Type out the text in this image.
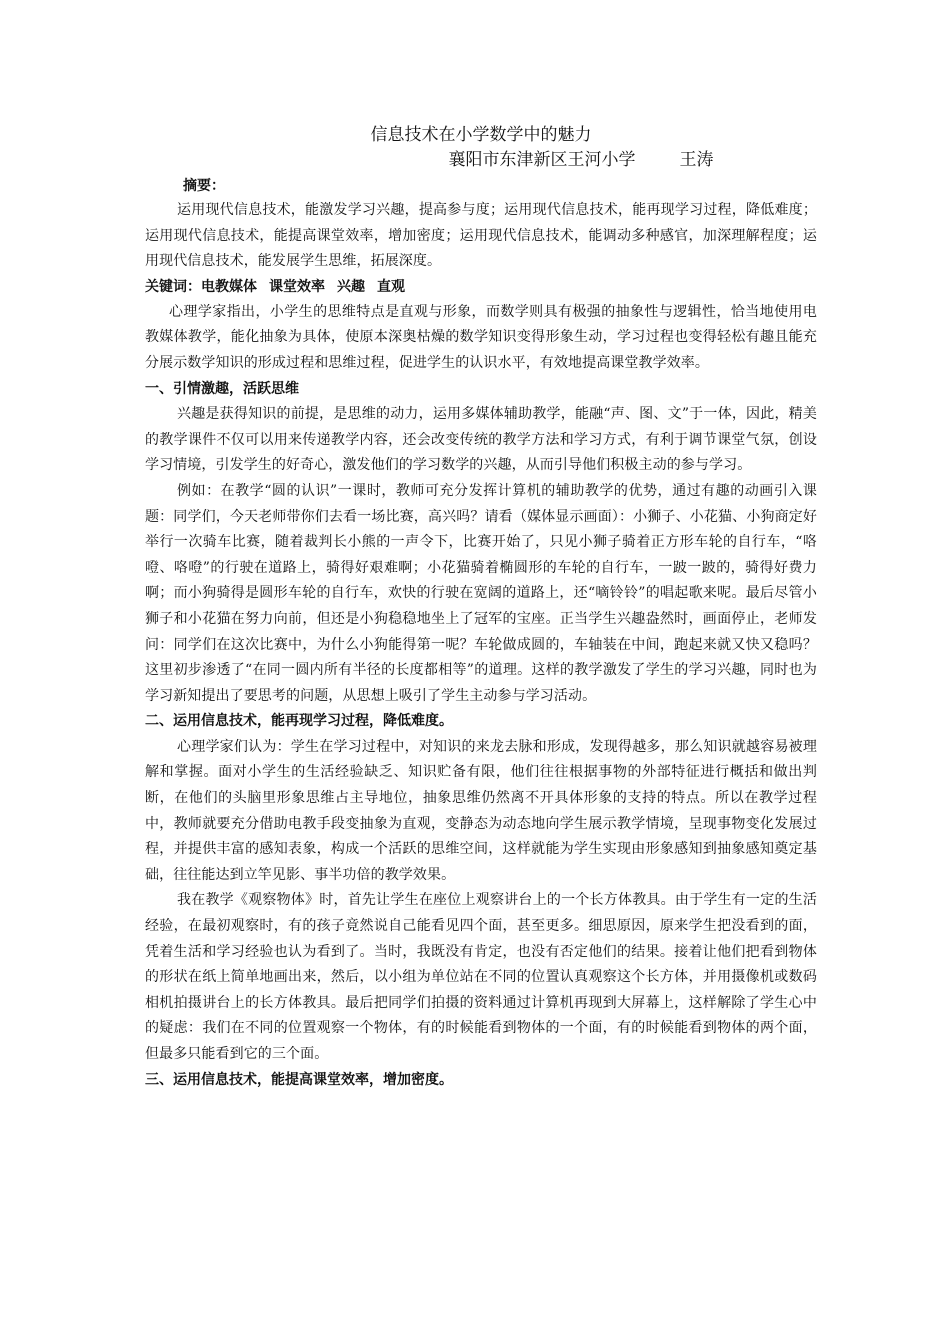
信息技术在小学数学中的魅力
襄阳市东津新区王河小学	王涛
摘要：

运用现代信息技术，能激发学习兴趣，提高参与度；运用现代信息技术，能再现学习过程，降低难度；运用现代信息技术，能提高课堂效率，增加密度；运用现代信息技术，能调动多种感官，加深理解程度；运用现代信息技术，能发展学生思维，拓展深度。

关键词：电教媒体 课堂效率 兴趣 直观

心理学家指出，小学生的思维特点是直观与形象，而数学则具有极强的抽象性与逻辑性，恰当地使用电教媒体教学，能化抽象为具体，使原本深奥枯燥的数学知识变得形象生动，学习过程也变得轻松有趣且能充分展示数学知识的形成过程和思维过程，促进学生的认识水平，有效地提高课堂教学效率。

一、引情激趣，活跃思维

兴趣是获得知识的前提，是思维的动力，运用多媒体辅助教学，能融“声、图、文”于一体，因此，精美的教学课件不仅可以用来传递教学内容，还会改变传统的教学方法和学习方式，有利于调节课堂气氛，创设学习情境，引发学生的好奇心，激发他们的学习数学的兴趣，从而引导他们积极主动的参与学习。

例如：在教学“圆的认识”一课时，教师可充分发挥计算机的辅助教学的优势，通过有趣的动画引入课题：同学们，今天老师带你们去看一场比赛，高兴吗？请看（媒体显示画面）：小狮子、小花猫、小狗商定好举行一次骑车比赛，随着裁判长小熊的一声令下，比赛开始了，只见小狮子骑着正方形车轮的自行车，“咯噔、咯噔”的行驶在道路上，骑得好艰难啊；小花猫骑着椭圆形的车轮的自行车，一跛一跛的，骑得好费力啊；而小狗骑得是圆形车轮的自行车，欢快的行驶在宽阔的道路上，还“嘀铃铃”的唱起歌来呢。最后尽管小狮子和小花猫在努力向前，但还是小狗稳稳地坐上了冠军的宝座。正当学生兴趣盎然时，画面停止，老师发问：同学们在这次比赛中，为什么小狗能得第一呢？车轮做成圆的，车轴装在中间，跑起来就又快又稳吗？这里初步渗透了“在同一圆内所有半径的长度都相等”的道理。这样的教学激发了学生的学习兴趣，同时也为学习新知提出了要思考的问题，从思想上吸引了学生主动参与学习活动。

二、运用信息技术，能再现学习过程，降低难度。

心理学家们认为：学生在学习过程中，对知识的来龙去脉和形成，发现得越多，那么知识就越容易被理解和掌握。面对小学生的生活经验缺乏、知识贮备有限，他们往往根据事物的外部特征进行概括和做出判断，在他们的头脑里形象思维占主导地位，抽象思维仍然离不开具体形象的支持的特点。所以在教学过程中，教师就要充分借助电教手段变抽象为直观，变静态为动态地向学生展示教学情境，呈现事物变化发展过程，并提供丰富的感知表象，构成一个活跃的思维空间，这样就能为学生实现由形象感知到抽象感知奠定基础，往往能达到立竿见影、事半功倍的教学效果。

我在教学《观察物体》时，首先让学生在座位上观察讲台上的一个长方体教具。由于学生有一定的生活经验，在最初观察时，有的孩子竟然说自己能看见四个面，甚至更多。细思原因，原来学生把没看到的面，凭着生活和学习经验也认为看到了。当时，我既没有肯定，也没有否定他们的结果。接着让他们把看到物体的形状在纸上简单地画出来，然后，以小组为单位站在不同的位置认真观察这个长方体，并用摄像机或数码相机拍摄讲台上的长方体教具。最后把同学们拍摄的资料通过计算机再现到大屏幕上，这样解除了学生心中的疑虑：我们在不同的位置观察一个物体，有的时候能看到物体的一个面，有的时候能看到物体的两个面，但最多只能看到它的三个面。

三、运用信息技术，能提高课堂效率，增加密度。
